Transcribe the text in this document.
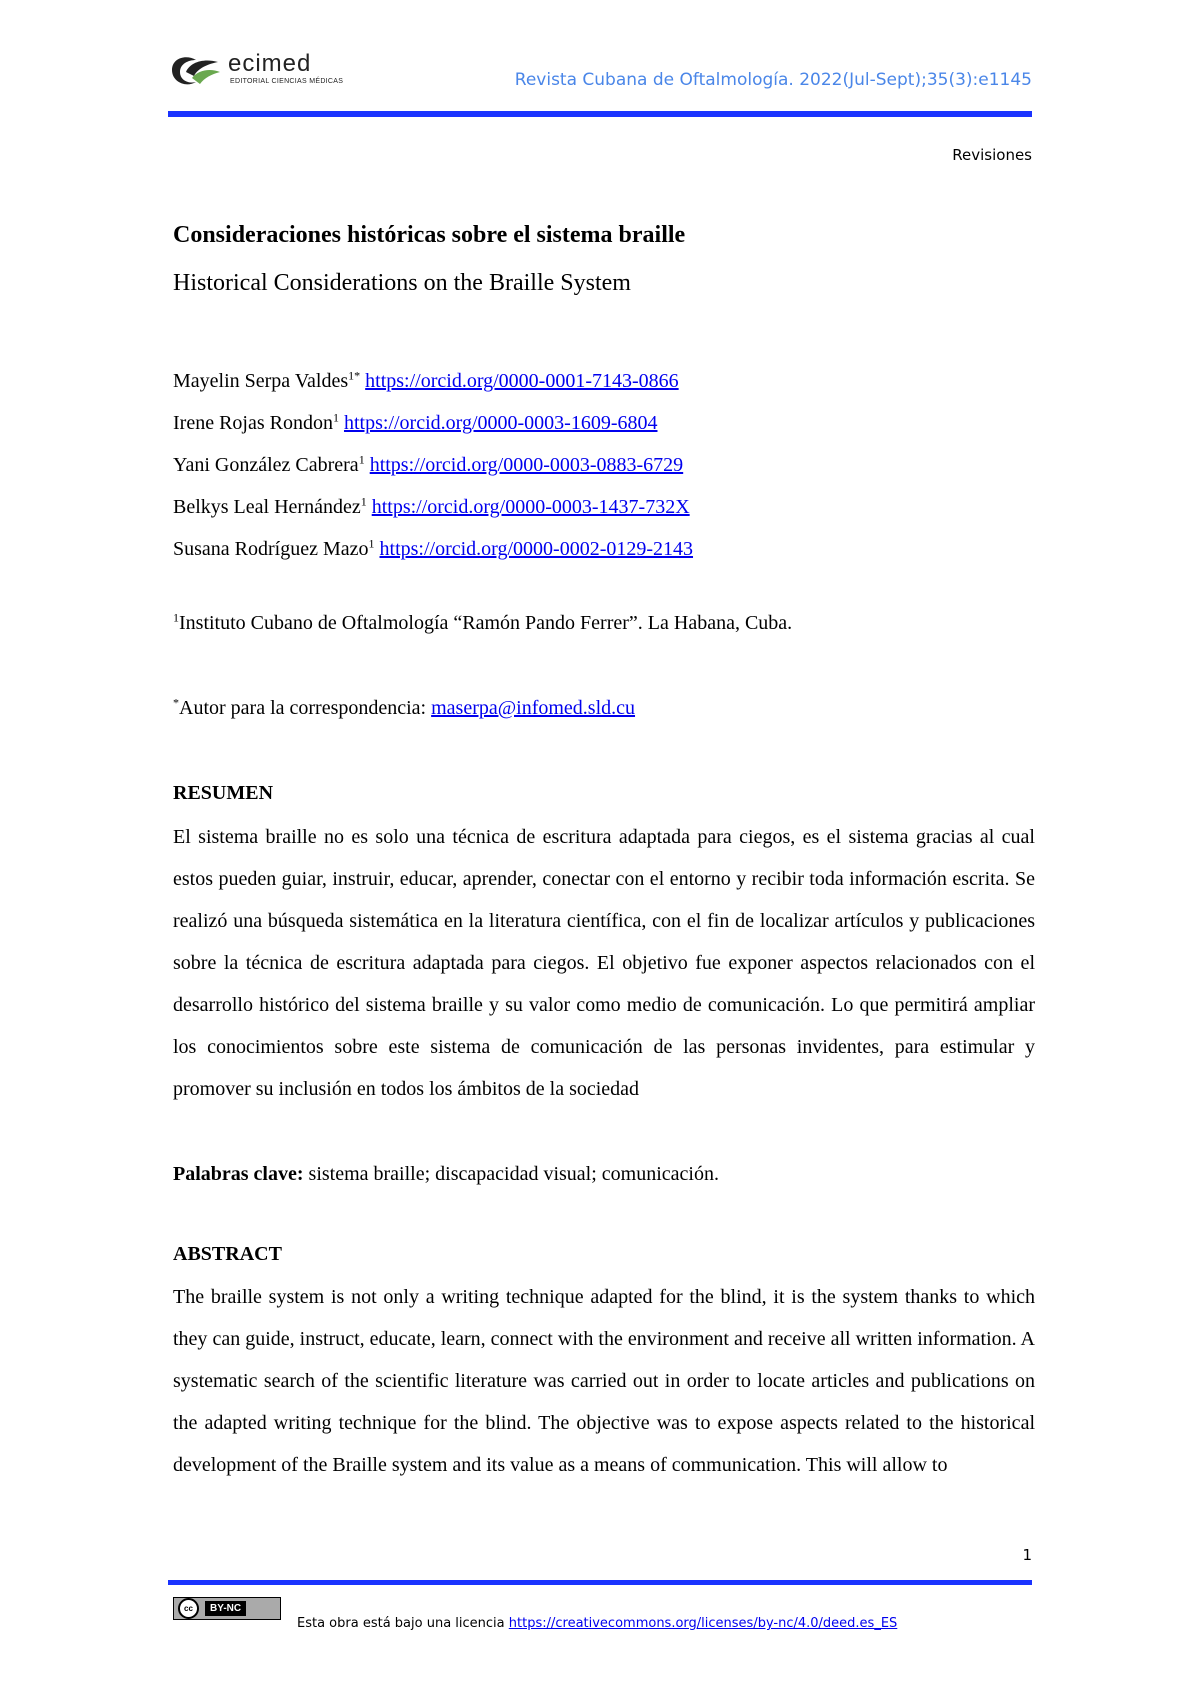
ecimed
EDITORIAL CIENCIAS MÉDICAS	Revista Cubana de Oftalmología. 2022(Jul-Sept);35(3):e1145
Revisiones
Consideraciones históricas sobre el sistema braille
Historical Considerations on the Braille System
Mayelin Serpa Valdes$^{1*}$ https://orcid.org/0000-0001-7143-0866
Irene Rojas Rondon$^1$ https://orcid.org/0000-0003-1609-6804
Yani González Cabrera$^1$ https://orcid.org/0000-0003-0883-6729
Belkys Leal Hernández$^1$ https://orcid.org/0000-0003-1437-732X
Susana Rodríguez Mazo$^1$ https://orcid.org/0000-0002-0129-2143
$^1$Instituto Cubano de Oftalmología “Ramón Pando Ferrer”. La Habana, Cuba.
*Autor para la correspondencia: maserpa@infomed.sld.cu
RESUMEN
El sistema braille no es solo una técnica de escritura adaptada para ciegos, es el sistema gracias al cual estos pueden guiar, instruir, educar, aprender, conectar con el entorno y recibir toda información escrita. Se realizó una búsqueda sistemática en la literatura científica, con el fin de localizar artículos y publicaciones sobre la técnica de escritura adaptada para ciegos. El objetivo fue exponer aspectos relacionados con el desarrollo histórico del sistema braille y su valor como medio de comunicación. Lo que permitirá ampliar los conocimientos sobre este sistema de comunicación de las personas invidentes, para estimular y promover su inclusión en todos los ámbitos de la sociedad
Palabras clave: sistema braille; discapacidad visual; comunicación.
ABSTRACT
The braille system is not only a writing technique adapted for the blind, it is the system thanks to which they can guide, instruct, educate, learn, connect with the environment and receive all written information. A systematic search of the scientific literature was carried out in order to locate articles and publications on the adapted writing technique for the blind. The objective was to expose aspects related to the historical development of the Braille system and its value as a means of communication. This will allow to
1
cc	BY-NC
Esta obra está bajo una licencia https://creativecommons.org/licenses/by-nc/4.0/deed.es_ES
